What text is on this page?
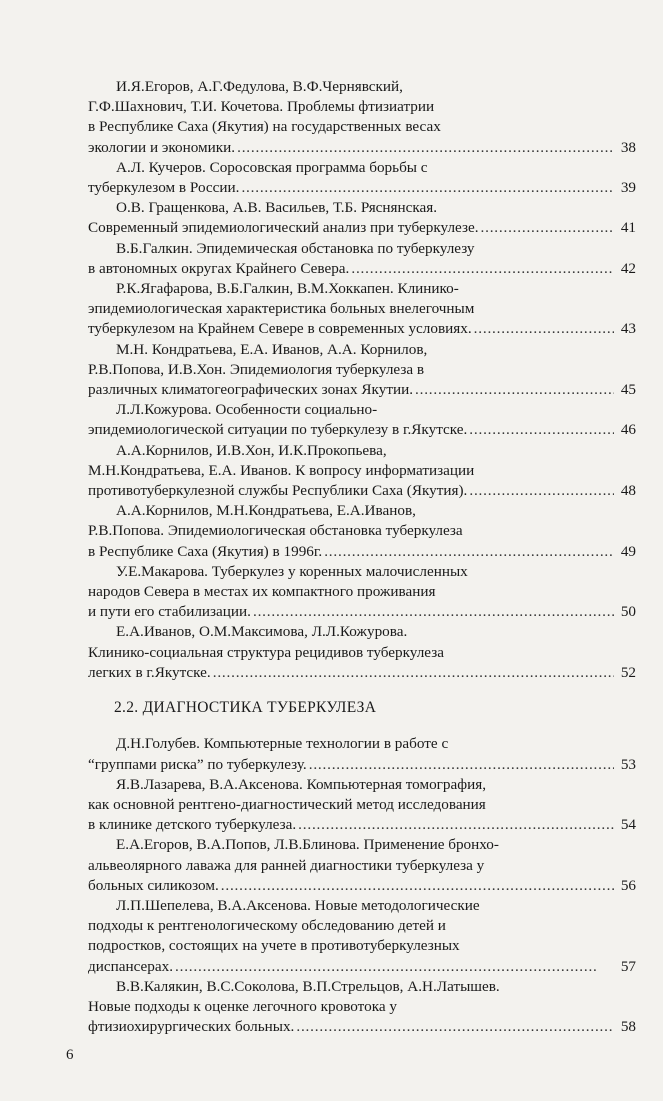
И.Я.Егоров, А.Г.Федулова, В.Ф.Чернявский,
Г.Ф.Шахнович, Т.И. Кочетова. Проблемы фтизиатрии
в Республике Саха (Якутия) на государственных весах
экологии и экономики. . . .	38
А.Л. Кучеров. Соросовская программа борьбы с
туберкулезом в России. . . .	39
О.В. Гращенкова, А.В. Васильев, Т.Б. Ряснянская.
Современный эпидемиологический анализ при туберкулезе. . . .	41
В.Б.Галкин. Эпидемическая обстановка по туберкулезу
в автономных округах Крайнего Севера. . . .	42
Р.К.Ягафарова, В.Б.Галкин, В.М.Хоккапен. Клинико-
эпидемиологическая характеристика больных внелегочным
туберкулезом на Крайнем Севере в современных условиях. . . .	43
М.Н. Кондратьева, Е.А. Иванов, А.А. Корнилов,
Р.В.Попова, И.В.Хон. Эпидемиология туберкулеза в
различных климатогеографических зонах Якутии. . . .	45
Л.Л.Кожурова. Особенности социально-
эпидемиологической ситуации по туберкулезу в г.Якутске. . . .	46
А.А.Корнилов, И.В.Хон, И.К.Прокопьева,
М.Н.Кондратьева, Е.А. Иванов. К вопросу информатизации
противотуберкулезной службы Республики Саха (Якутия). . . .	48
А.А.Корнилов, М.Н.Кондратьева, Е.А.Иванов,
Р.В.Попова. Эпидемиологическая обстановка туберкулеза
в Республике Саха (Якутия) в 1996г. . . .	49
У.Е.Макарова. Туберкулез у коренных малочисленных
народов Севера в местах их компактного проживания
и пути его стабилизации. . . .	50
Е.А.Иванов, О.М.Максимова, Л.Л.Кожурова.
Клинико-социальная структура рецидивов туберкулеза
легких в г.Якутске. . . .	52
2.2. ДИАГНОСТИКА ТУБЕРКУЛЕЗА
Д.Н.Голубев. Компьютерные технологии в работе с
“группами риска” по туберкулезу. . . .	53
Я.В.Лазарева, В.А.Аксенова. Компьютерная томография,
как основной рентгено-диагностический метод исследования
в клинике детского туберкулеза. . . .	54
Е.А.Егоров, В.А.Попов, Л.В.Блинова. Применение бронхо-
альвеолярного лаважа для ранней диагностики туберкулеза у
больных силикозом. . . .	56
Л.П.Шепелева, В.А.Аксенова. Новые методологические
подходы к рентгенологическому обследованию детей и
подростков, состоящих на учете в противотуберкулезных
диспансерах. . . .	57
В.В.Калякин, В.С.Соколова, В.П.Стрельцов, А.Н.Латышев.
Новые подходы к оценке легочного кровотока у
фтизиохирургических больных. . . .	58
6
